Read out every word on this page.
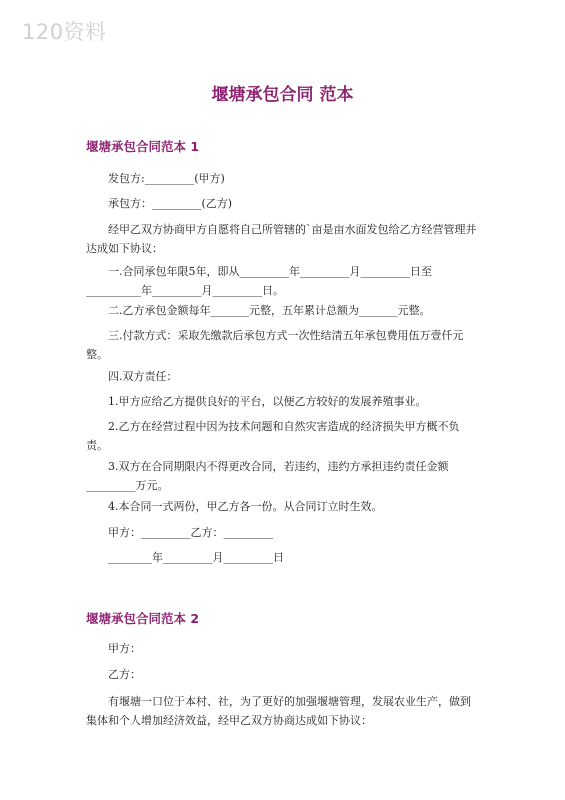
120资料
堰塘承包合同 范本
堰塘承包合同范本 1
发包方:_________(甲方)
承包方：_________(乙方)
经甲乙双方协商甲方自愿将自己所管辖的`亩是亩水面发包给乙方经营管理并达成如下协议：
一.合同承包年限5年，即从_________年_________月_________日至__________年_________月_________日。
二.乙方承包金额每年_______元整，五年累计总额为_______元整。
三.付款方式：采取先缴款后承包方式一次性结清五年承包费用伍万壹仟元整。
四.双方责任：
1.甲方应给乙方提供良好的平台，以便乙方较好的发展养殖事业。
2.乙方在经营过程中因为技术问题和自然灾害造成的经济损失甲方概不负责。
3.双方在合同期限内不得更改合同，若违约，违约方承担违约责任金额_________万元。
4.本合同一式两份，甲乙方各一份。从合同订立时生效。
甲方：_________乙方：_________
________年_________月_________日
堰塘承包合同范本 2
甲方：
乙方：
有堰塘一口位于本村、社，为了更好的加强堰塘管理，发展农业生产，做到集体和个人增加经济效益，经甲乙双方协商达成如下协议：
